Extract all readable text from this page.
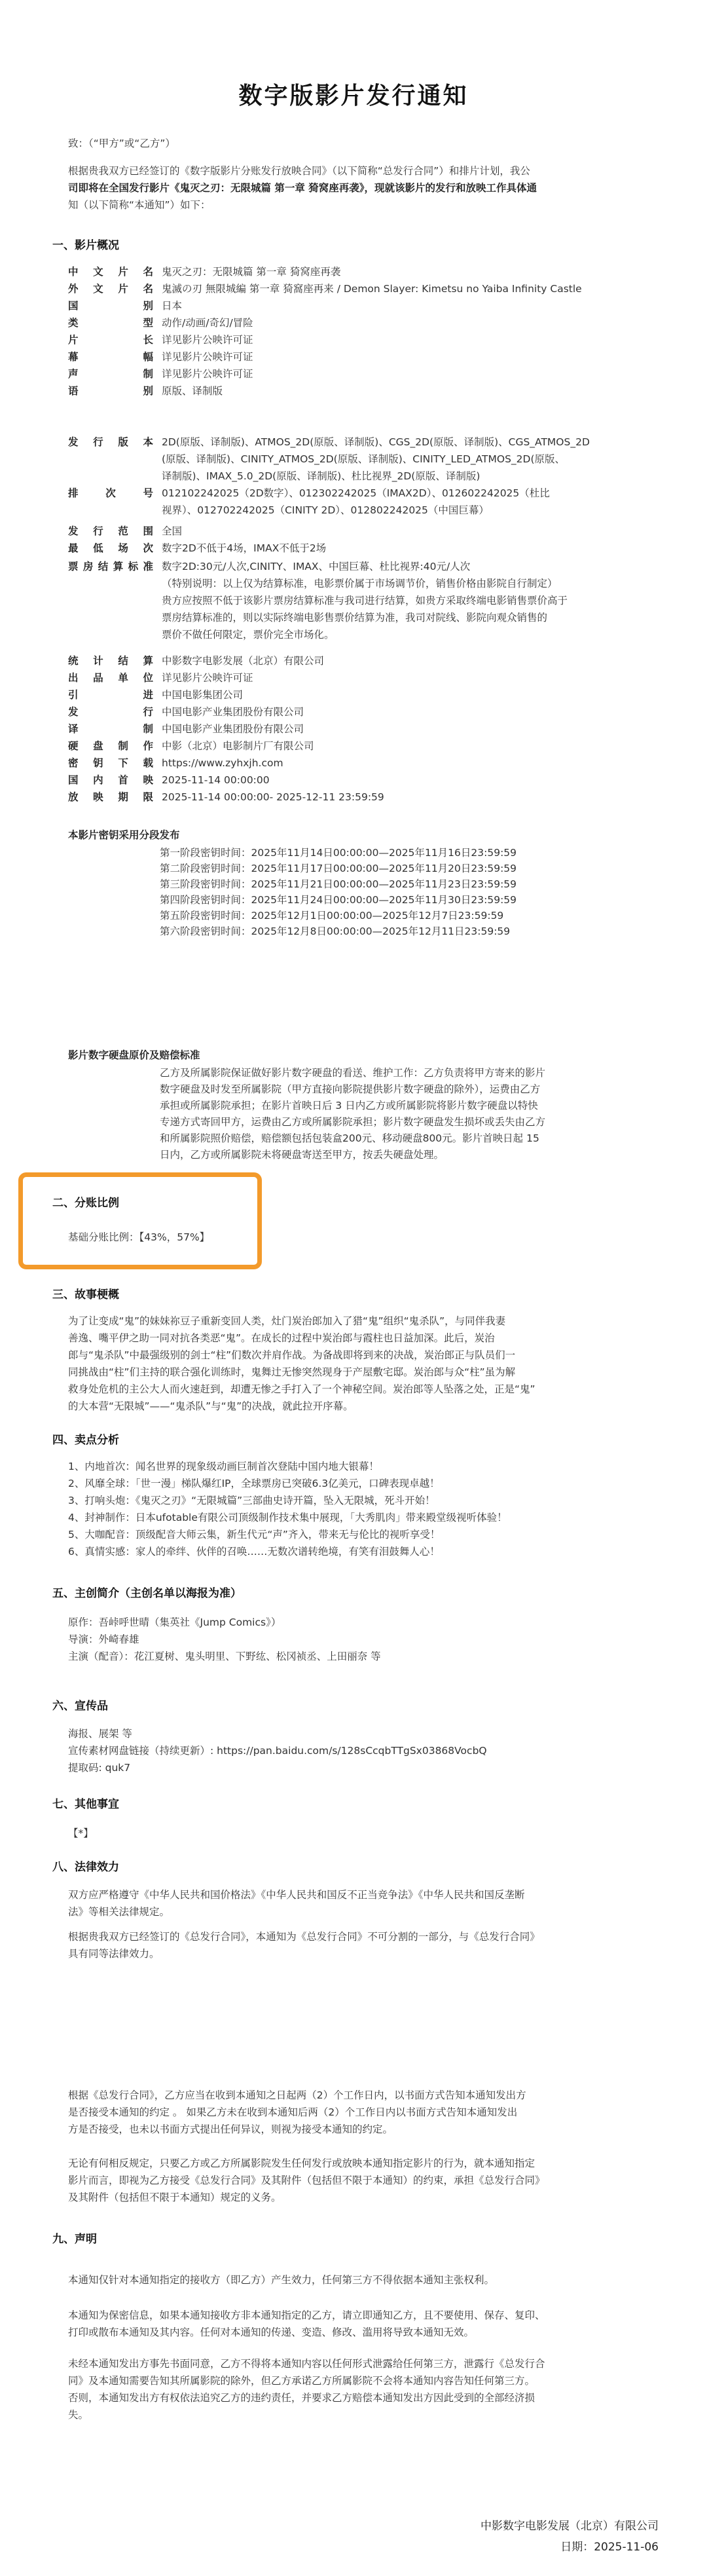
数字版影片发行通知
致：（“甲方”或“乙方”）
根据贵我双方已经签订的《数字版影片分账发行放映合同》（以下简称“总发行合同”）和排片计划，我公
司即将在全国发行影片《鬼灭之刃：无限城篇 第一章 猗窝座再袭》，现就该影片的发行和放映工作具体通
知（以下简称“本通知”）如下：
一、影片概况
中 文 片 名 鬼灭之刃：无限城篇 第一章 猗窝座再袭
外 文 片 名 鬼滅の刃 無限城編 第一章 猗窩座再来 / Demon Slayer: Kimetsu no Yaiba Infinity Castle
国　　　别 日本
类　　　型 动作/动画/奇幻/冒险
片　　　长 详见影片公映许可证
幕　　　幅 详见影片公映许可证
声　　　制 详见影片公映许可证
语　　　别 原版、译制版
发 行 版 本 2D(原版、译制版)、ATMOS_2D(原版、译制版)、CGS_2D(原版、译制版)、CGS_ATMOS_2D
(原版、译制版)、CINITY_ATMOS_2D(原版、译制版)、CINITY_LED_ATMOS_2D(原版、
译制版)、IMAX_5.0_2D(原版、译制版)、杜比视界_2D(原版、译制版)
排　次　号 012102242025（2D数字）、012302242025（IMAX2D）、012602242025（杜比
视界）、012702242025（CINITY 2D）、012802242025（中国巨幕）
发 行 范 围 全国
最 低 场 次 数字2D不低于4场，IMAX不低于2场
票房结算标准 数字2D:30元/人次,CINITY、IMAX、中国巨幕、杜比视界:40元/人次
（特别说明：以上仅为结算标准，电影票价属于市场调节价，销售价格由影院自行制定）
贵方应按照不低于该影片票房结算标准与我司进行结算，如贵方采取终端电影销售票价高于
票房结算标准的，则以实际终端电影售票价结算为准，我司对院线、影院向观众销售的
票价不做任何限定，票价完全市场化。
统 计 结 算 中影数字电影发展（北京）有限公司
出 品 单 位 详见影片公映许可证
引　　　进 中国电影集团公司
发　　　行 中国电影产业集团股份有限公司
译　　　制 中国电影产业集团股份有限公司
硬 盘 制 作 中影（北京）电影制片厂有限公司
密 钥 下 载 https://www.zyhxjh.com
国 内 首 映 2025-11-14 00:00:00
放 映 期 限 2025-11-14 00:00:00- 2025-12-11 23:59:59
本影片密钥采用分段发布
第一阶段密钥时间：2025年11月14日00:00:00—2025年11月16日23:59:59
第二阶段密钥时间：2025年11月17日00:00:00—2025年11月20日23:59:59
第三阶段密钥时间：2025年11月21日00:00:00—2025年11月23日23:59:59
第四阶段密钥时间：2025年11月24日00:00:00—2025年11月30日23:59:59
第五阶段密钥时间：2025年12月1日00:00:00—2025年12月7日23:59:59
第六阶段密钥时间：2025年12月8日00:00:00—2025年12月11日23:59:59
影片数字硬盘原价及赔偿标准
乙方及所属影院保证做好影片数字硬盘的看送、维护工作：乙方负责将甲方寄来的影片
数字硬盘及时发至所属影院（甲方直接向影院提供影片数字硬盘的除外），运费由乙方
承担或所属影院承担；在影片首映日后 3 日内乙方或所属影院将影片数字硬盘以特快
专递方式寄回甲方，运费由乙方或所属影院承担；影片数字硬盘发生损坏或丢失由乙方
和所属影院照价赔偿，赔偿额包括包装盒200元、移动硬盘800元。影片首映日起 15
日内，乙方或所属影院未将硬盘寄送至甲方，按丢失硬盘处理。
二、分账比例
基础分账比例：【43%，57%】
三、故事梗概
为了让变成“鬼”的妹妹祢豆子重新变回人类，灶门炭治郎加入了猎“鬼”组织“鬼杀队”，与同伴我妻
善逸、嘴平伊之助一同对抗各类恶“鬼”。在成长的过程中炭治郎与霞柱也日益加深。此后，炭治
郎与“鬼杀队”中最强级别的剑士“柱”们数次并肩作战。为备战即将到来的决战，炭治郎正与队员们一
同挑战由“柱”们主持的联合强化训练时，鬼舞辻无惨突然现身于产屋敷宅邸。炭治郎与众“柱”虽为解
救身处危机的主公大人而火速赶到，却遭无惨之手打入了一个神秘空间。炭治郎等人坠落之处，正是“鬼”
的大本营“无限城”——“鬼杀队”与“鬼”的决战，就此拉开序幕。
四、卖点分析
1、内地首次：闻名世界的现象级动画巨制首次登陆中国内地大银幕！
2、风靡全球：「世一漫」梯队爆红IP，全球票房已突破6.3亿美元，口碑表现卓越！
3、打响头炮：《鬼灭之刃》“无限城篇”三部曲史诗开篇，坠入无限城，死斗开始！
4、封神制作：日本ufotable有限公司顶级制作技术集中展现，「大秀肌肉」带来殿堂级视听体验！
5、大咖配音：顶级配音大师云集，新生代元“声”齐入，带来无与伦比的视听享受！
6、真情实感：家人的牵绊、伙伴的召唤……无数次谱转绝境，有笑有泪鼓舞人心！
五、主创简介（主创名单以海报为准）
原作：吾峠呼世晴（集英社《Jump Comics》）
导演：外崎春雄
主演（配音）：花江夏树、鬼头明里、下野纮、松冈祯丞、上田丽奈 等
六、宣传品
海报、展架 等
宣传素材网盘链接（持续更新）: https://pan.baidu.com/s/128sCcqbTTgSx03868VocbQ
提取码: quk7
七、其他事宜
【*】
八、法律效力
双方应严格遵守《中华人民共和国价格法》《中华人民共和国反不正当竞争法》《中华人民共和国反垄断
法》等相关法律规定。
根据贵我双方已经签订的《总发行合同》，本通知为《总发行合同》不可分割的一部分，与《总发行合同》
具有同等法律效力。
根据《总发行合同》，乙方应当在收到本通知之日起两（2）个工作日内，以书面方式告知本通知发出方
是否接受本通知的约定 。 如果乙方未在收到本通知后两（2）个工作日内以书面方式告知本通知发出
方是否接受，也未以书面方式提出任何异议，则视为接受本通知的约定。
无论有何相反规定，只要乙方或乙方所属影院发生任何发行或放映本通知指定影片的行为，就本通知指定
影片而言，即视为乙方接受《总发行合同》及其附件（包括但不限于本通知）的约束，承担《总发行合同》
及其附件（包括但不限于本通知）规定的义务。
九、声明
本通知仅针对本通知指定的接收方（即乙方）产生效力，任何第三方不得依据本通知主张权利。
本通知为保密信息，如果本通知接收方非本通知指定的乙方，请立即通知乙方，且不要使用、保存、复印、
打印或散布本通知及其内容。任何对本通知的传递、变造、修改、滥用将导致本通知无效。
未经本通知发出方事先书面同意，乙方不得将本通知内容以任何形式泄露给任何第三方，泄露行《总发行合
同》及本通知需要告知其所属影院的除外，但乙方承诺乙方所属影院不会将本通知内容告知任何第三方。
否则，本通知发出方有权依法追究乙方的违约责任，并要求乙方赔偿本通知发出方因此受到的全部经济损
失。
中影数字电影发展（北京）有限公司
日期：2025-11-06
